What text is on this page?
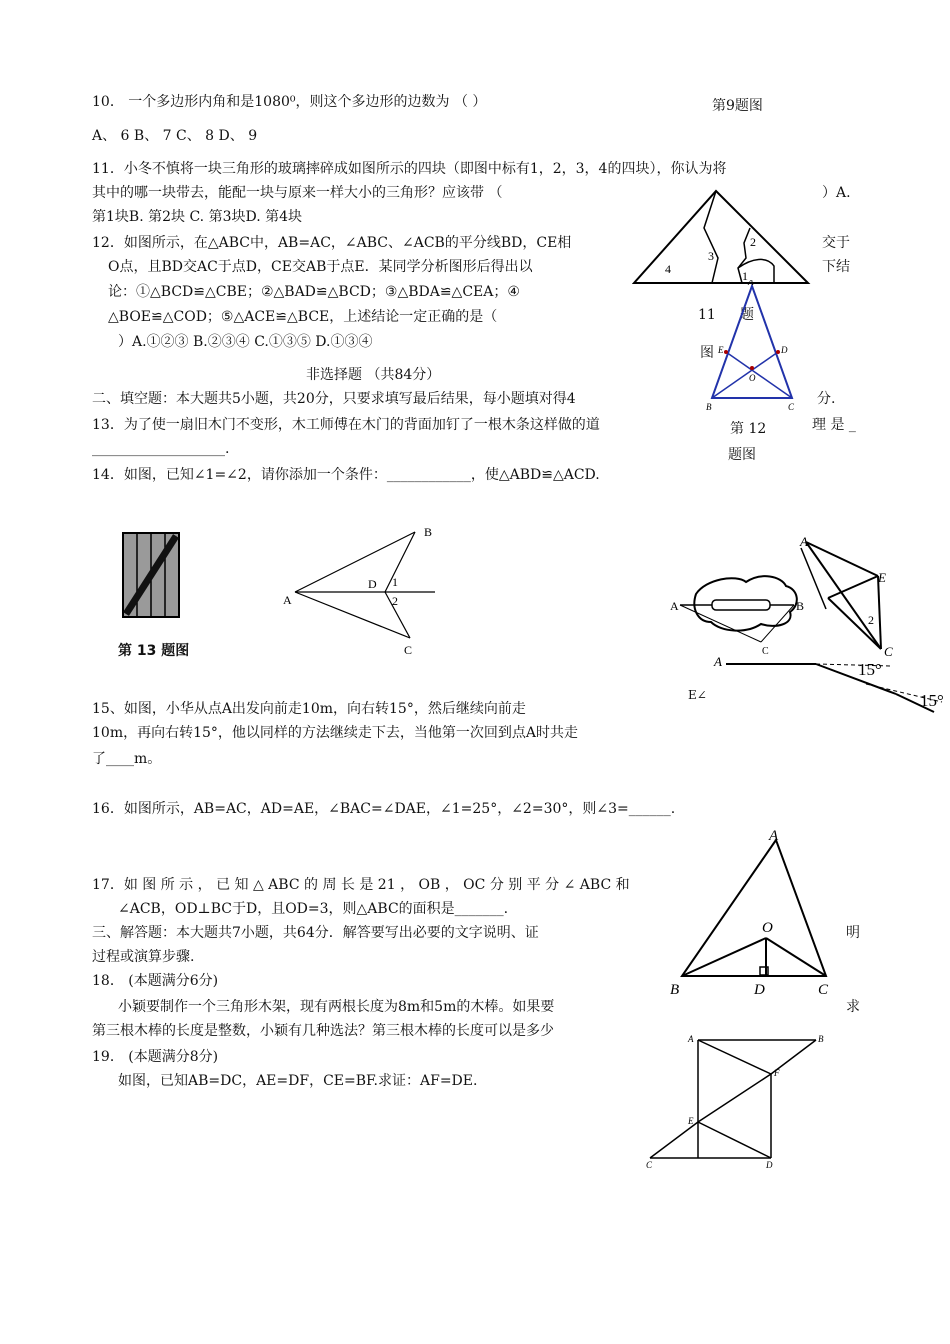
10． 一个多边形内角和是1080⁰，则这个多边形的边数为 （ ）	第9题图
A、 6 B、 7 C、 8 D、 9
11．小冬不慎将一块三角形的玻璃摔碎成如图所示的四块（即图中标有1，2，3，4的四块），你认为将
其中的哪一块带去，能配一块与原来一样大小的三角形？应该带 （	）A.
第1块B. 第2块 C. 第3块D. 第4块
4
3
2
1
11 题
图
12．如图所示，在△ABC中，AB=AC，∠ABC、∠ACB的平分线BD，CE相	交于
O点，且BD交AC于点D，CE交AB于点E．某同学分析图形后得出以	下结
论：①△BCD≌△CBE；②△BAD≌△BCD；③△BDA≌△CEA；④
△BOE≌△COD；⑤△ACE≌△BCE，上述结论一定正确的是（
）A.①②③ B.②③④ C.①③⑤ D.①③④
A
B	C
D
E
O
非选择题 （共84分）
二、填空题：本大题共5小题，共20分，只要求填写最后结果，每小题填对得4	分.
13．为了使一扇旧木门不变形，木工师傅在木门的背面加钉了一根木条这样做的道	理 是 _
___________________.
第 12
题图
14．如图，已知∠1=∠2，请你添加一个条件：____________，使△ABD≌△ACD.
第 13 题图
A
B
C
D 1
2	A	B
C
A
E
C
2
A	15°
15°
E∠
15、如图，小华从点A出发向前走10m，向右转15°，然后继续向前走
10m，再向右转15°，他以同样的方法继续走下去，当他第一次回到点A时共走
了____m。
16．如图所示，AB=AC，AD=AE，∠BAC=∠DAE，∠1=25°，∠2=30°，则∠3=______.
A
B	C
D
O
17．如 图 所 示 ， 已 知 △ ABC 的 周 长 是 21 ， OB ， OC 分 别 平 分 ∠ ABC 和
∠ACB，OD⊥BC于D，且OD=3，则△ABC的面积是_______.
三、解答题：本大题共7小题，共64分．解答要写出必要的文字说明、证	明
过程或演算步骤.
18． (本题满分6分)
小颖要制作一个三角形木架，现有两根长度为8m和5m的木棒。如果要	求
第三根木棒的长度是整数，小颖有几种选法？第三根木棒的长度可以是多少
19． (本题满分8分)
如图，已知AB=DC，AE=DF，CE=BF.求证：AF=DE.
A	B
C	D
E
F
